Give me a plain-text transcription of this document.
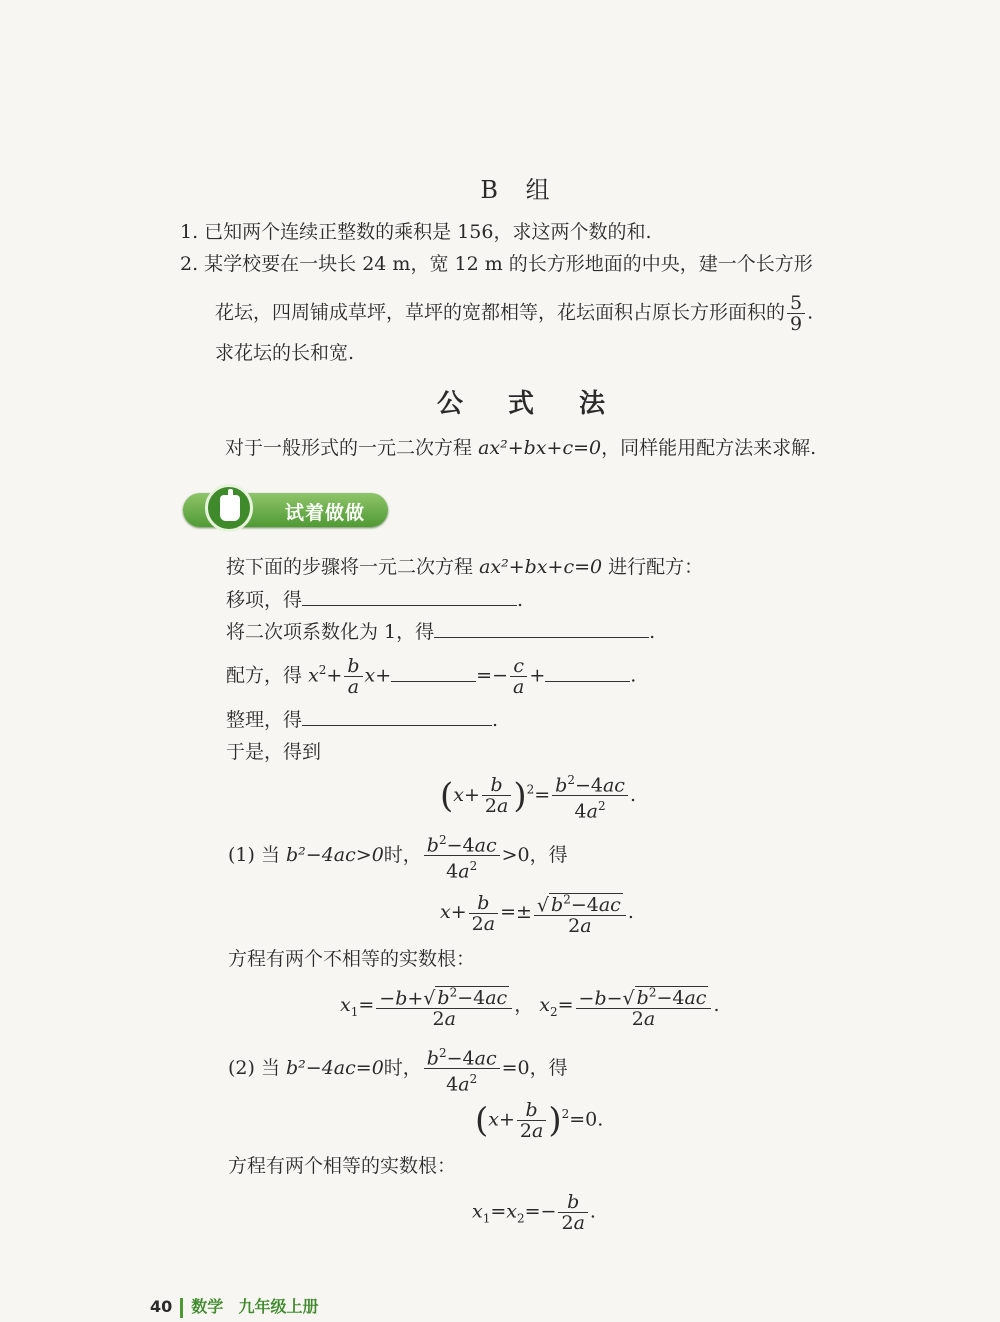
B 组
1. 已知两个连续正整数的乘积是 156，求这两个数的和.
2. 某学校要在一块长 24 m，宽 12 m 的长方形地面的中央，建一个长方形
花坛，四周铺成草坪，草坪的宽都相等，花坛面积占原长方形面积的 $\frac{5}{9}$ .
求花坛的长和宽.
公 式 法
对于一般形式的一元二次方程 ax²+bx+c=0，同样能用配方法来求解.
试着做做
按下面的步骤将一元二次方程 ax²+bx+c=0 进行配方：
移项，得	.
将二次项系数化为 1，得	.
配方，得 $x^2+ \frac{b}{a} x+$	=− $\frac{c}{a}$ +	.
整理，得	.
于是，得到
$(x+ \frac{b}{2a} )^2= \frac{b^2-4ac}{4a^2}$ .
(1) 当 b²−4ac>0时， $\frac{b^2-4ac}{4a^2} >0$，得
$x+ \frac{b}{2a} =\pm \frac{√ b^2-4ac}{2a}$ .
方程有两个不相等的实数根：
$x_1= \frac{-b+√ b^2-4ac}{2a}$ ， $x_2= \frac{-b-√ b^2-4ac}{2a}$ .
(2) 当 b²−4ac=0时， $\frac{b^2-4ac}{4a^2} =0$，得
$(x+ \frac{b}{2a} )^2=0$.
方程有两个相等的实数根：
$x_1=x_2=- \frac{b}{2a}$ .
40 数学 九年级上册
